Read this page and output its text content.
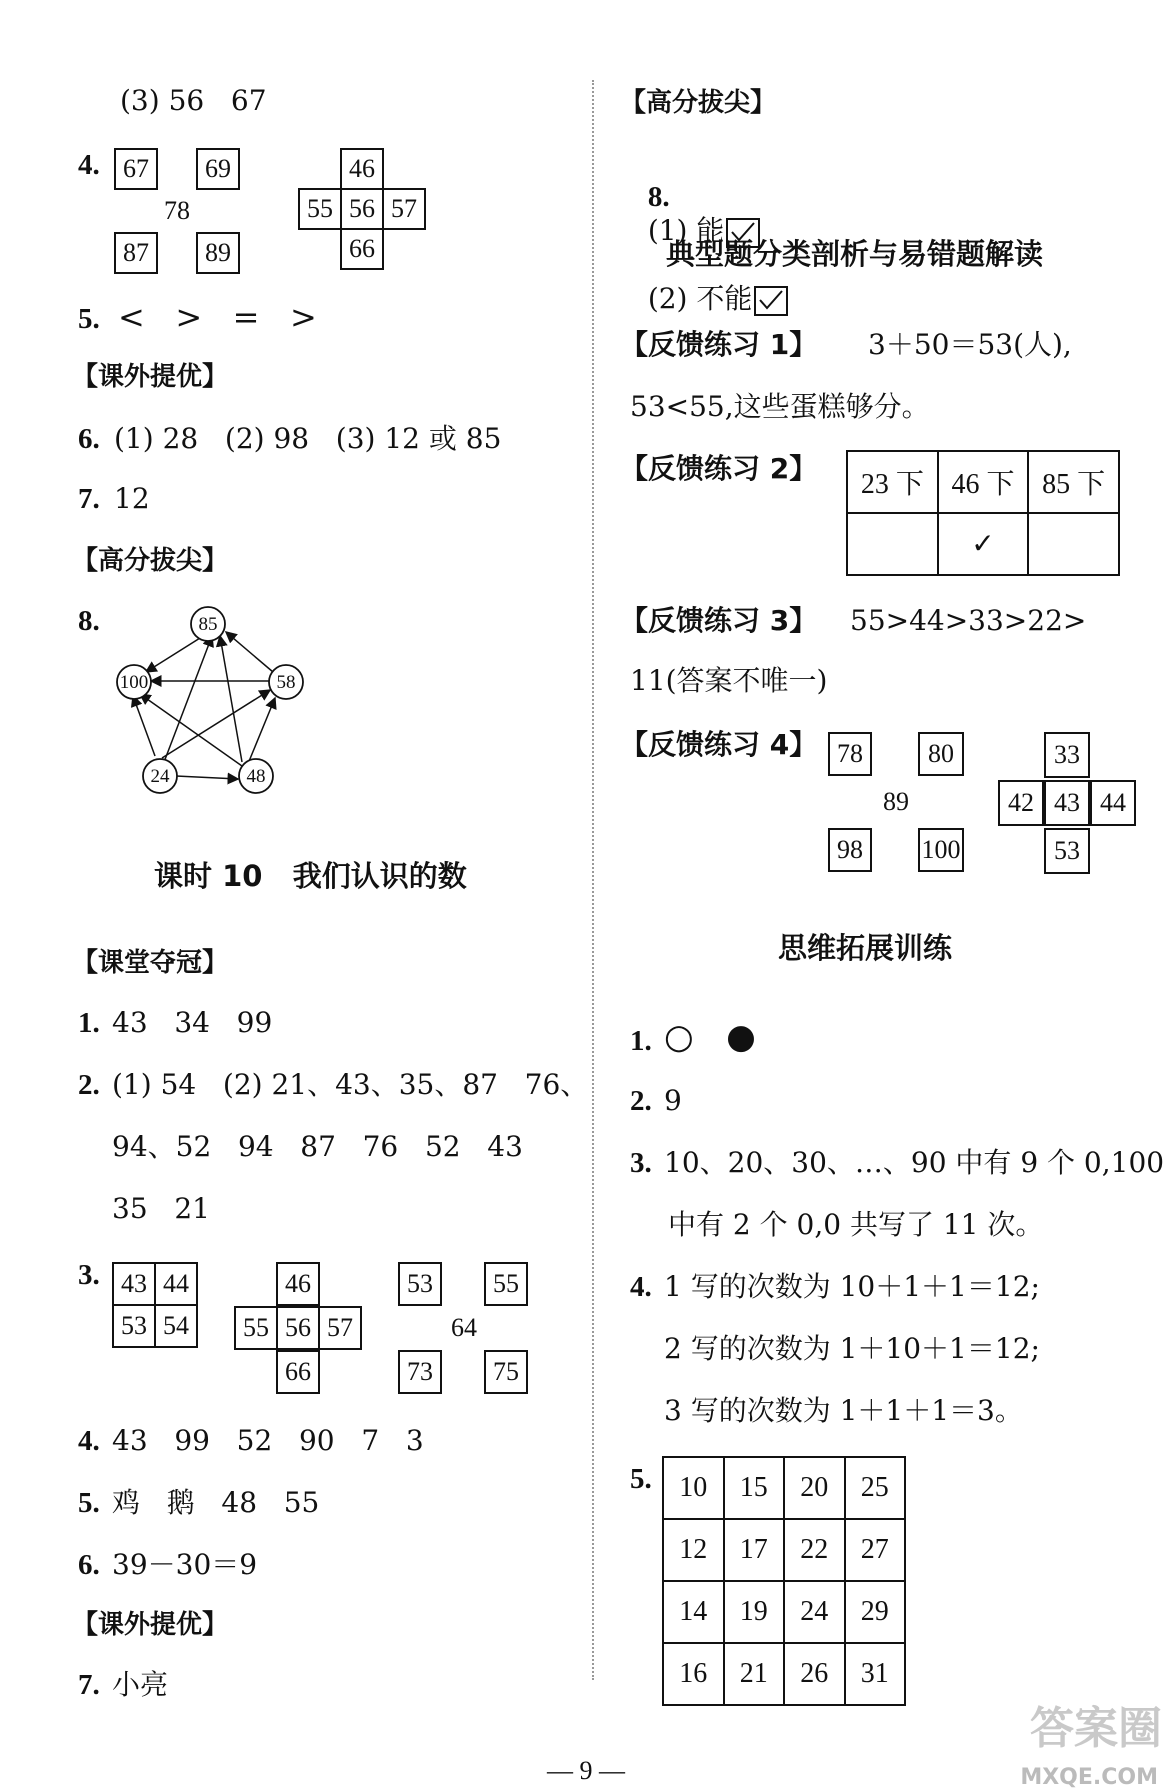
(3) 56   67
4. 67	69
78
87	89
46
55 56 57
66
5. <   >   =   >
【课外提优】
6. (1) 28   (2) 98   (3) 12 或 85
7. 12
【高分拔尖】
8.	85
100	58
24	48
课时 10   我们认识的数
【课堂夺冠】
1. 43   34   99
2. (1) 54   (2) 21、43、35、87   76、
94、52   94   87   76   52   43
35   21
3. 43 44
53 54
46
55 56 57
66
53	55
64
73	75
4. 43   99   52   90   7   3
5. 鸡   鹅   48   55
6. 39－30＝9
【课外提优】
7. 小亮
【高分拔尖】

8.
(1) 能

(2) 不能

典型题分类剖析与易错题解读
【反馈练习 1】 3＋50＝53(人),
53<55,这些蛋糕够分。
【反馈练习 2】 23 下	46 下	85 下
	✓	
【反馈练习 3】 55>44>33>22>
11(答案不唯一)
【反馈练习 4】 78	80
89
98	100
33
42 43 44
53
思维拓展训练
1. ○   ●
2. 9
3. 10、20、30、…、90 中有 9 个 0,100
中有 2 个 0,0 共写了 11 次。
4. 1 写的次数为 10＋1＋1＝12;
2 写的次数为 1＋10＋1＝12;
3 写的次数为 1＋1＋1＝3。
5. 10	15	20	25
12	17	22	27
14	19	24	29
16	21	26	31
— 9 —
答案圈
MXQE.COM
